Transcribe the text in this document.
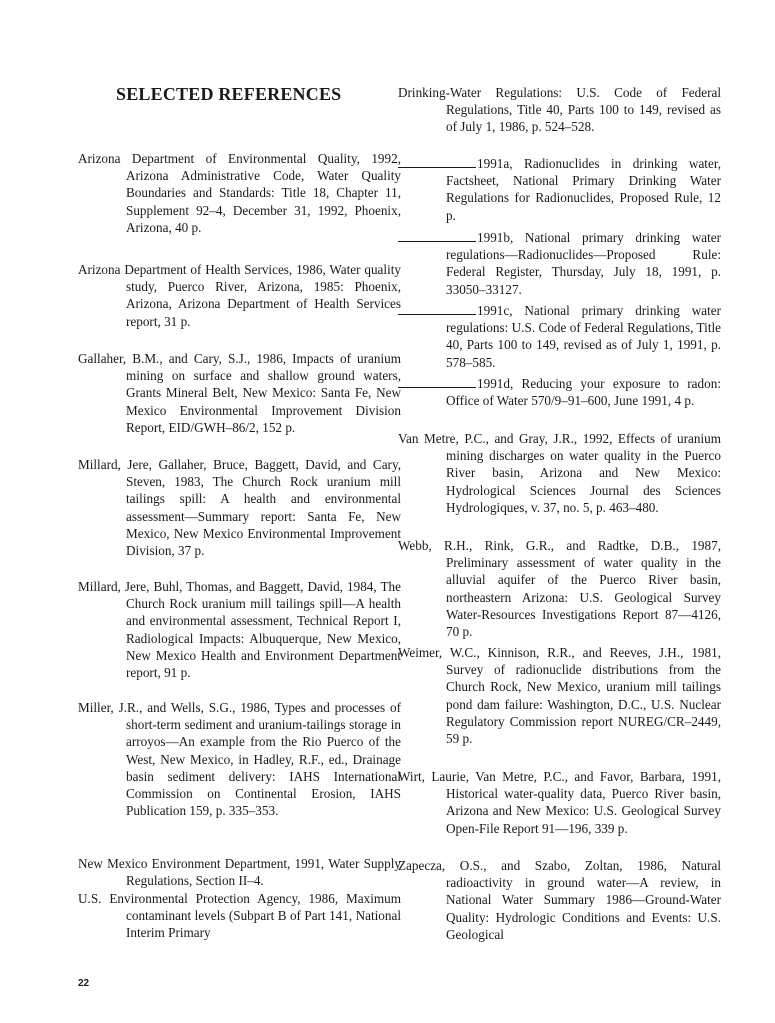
SELECTED REFERENCES

Arizona Department of Environmental Quality, 1992, Arizona Administrative Code, Water Quality Boundaries and Standards: Title 18, Chapter 11, Supplement 92–4, December 31, 1992, Phoenix, Arizona, 40 p.

Arizona Department of Health Services, 1986, Water quality study, Puerco River, Arizona, 1985: Phoenix, Arizona, Arizona Department of Health Services report, 31 p.

Gallaher, B.M., and Cary, S.J., 1986, Impacts of uranium mining on surface and shallow ground waters, Grants Mineral Belt, New Mexico: Santa Fe, New Mexico Environmental Improvement Division Report, EID/GWH–86/2, 152 p.

Millard, Jere, Gallaher, Bruce, Baggett, David, and Cary, Steven, 1983, The Church Rock uranium mill tailings spill: A health and environmental assessment—Summary report: Santa Fe, New Mexico, New Mexico Environmental Improvement Division, 37 p.

Millard, Jere, Buhl, Thomas, and Baggett, David, 1984, The Church Rock uranium mill tailings spill—A health and environmental assessment, Technical Report I, Radiological Impacts: Albuquerque, New Mexico, New Mexico Health and Environment Department report, 91 p.

Miller, J.R., and Wells, S.G., 1986, Types and processes of short-term sediment and uranium-tailings storage in arroyos—An example from the Rio Puerco of the West, New Mexico, in Hadley, R.F., ed., Drainage basin sediment delivery: IAHS International Commission on Continental Erosion, IAHS Publication 159, p. 335–353.

New Mexico Environment Department, 1991, Water Supply Regulations, Section II–4.

U.S. Environmental Protection Agency, 1986, Maximum contaminant levels (Subpart B of Part 141, National Interim Primary

Drinking-Water Regulations: U.S. Code of Federal Regulations, Title 40, Parts 100 to 149, revised as of July 1, 1986, p. 524–528.

1991a, Radionuclides in drinking water, Factsheet, National Primary Drinking Water Regulations for Radionuclides, Proposed Rule, 12 p.

1991b, National primary drinking water regulations—Radionuclides—Proposed Rule: Federal Register, Thursday, July 18, 1991, p. 33050–33127.

1991c, National primary drinking water regulations: U.S. Code of Federal Regulations, Title 40, Parts 100 to 149, revised as of July 1, 1991, p. 578–585.

1991d, Reducing your exposure to radon: Office of Water 570/9–91–600, June 1991, 4 p.

Van Metre, P.C., and Gray, J.R., 1992, Effects of uranium mining discharges on water quality in the Puerco River basin, Arizona and New Mexico: Hydrological Sciences Journal des Sciences Hydrologiques, v. 37, no. 5, p. 463–480.

Webb, R.H., Rink, G.R., and Radtke, D.B., 1987, Preliminary assessment of water quality in the alluvial aquifer of the Puerco River basin, northeastern Arizona: U.S. Geological Survey Water-Resources Investigations Report 87—4126, 70 p.

Weimer, W.C., Kinnison, R.R., and Reeves, J.H., 1981, Survey of radionuclide distributions from the Church Rock, New Mexico, uranium mill tailings pond dam failure: Washington, D.C., U.S. Nuclear Regulatory Commission report NUREG/CR–2449, 59 p.

Wirt, Laurie, Van Metre, P.C., and Favor, Barbara, 1991, Historical water-quality data, Puerco River basin, Arizona and New Mexico: U.S. Geological Survey Open-File Report 91—196, 339 p.

Zapecza, O.S., and Szabo, Zoltan, 1986, Natural radioactivity in ground water—A review, in National Water Summary 1986—Ground-Water Quality: Hydrologic Conditions and Events: U.S. Geological

22
